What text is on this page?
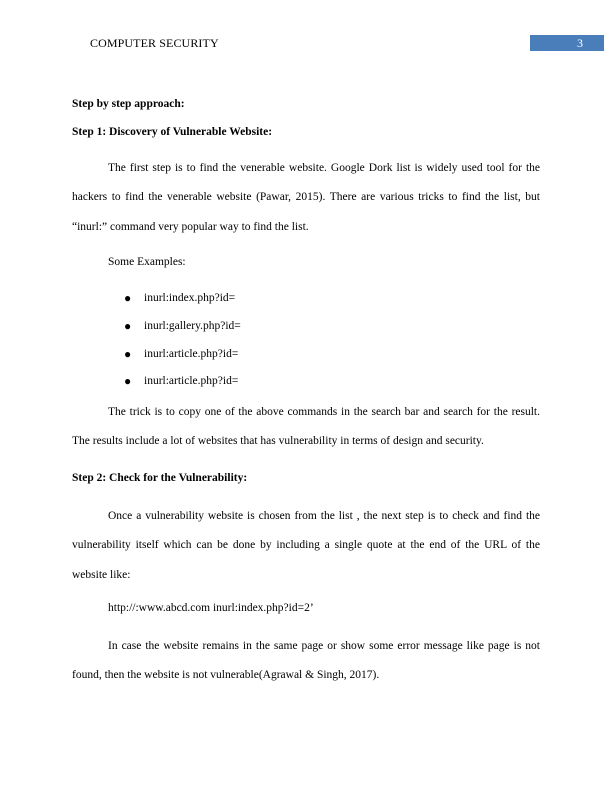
COMPUTER SECURITY	3
Step by step approach:
Step 1: Discovery of Vulnerable Website:
The first step is to find the venerable website. Google Dork list is widely used tool for the hackers to find the venerable website (Pawar, 2015). There are various tricks to find the list, but “inurl:” command very popular way to find the list.
Some Examples:
● inurl:index.php?id=
● inurl:gallery.php?id=
● inurl:article.php?id=
● inurl:article.php?id=
The trick is to copy one of the above commands in the search bar and search for the result. The results include a lot of websites that has vulnerability in terms of design and security.
Step 2: Check for the Vulnerability:
Once a vulnerability website is chosen from the list , the next step is to check and find the vulnerability itself which can be done by including a single quote at the end of the URL of the website like:
http://:www.abcd.com inurl:index.php?id=2’
In case the website remains in the same page or show some error message like page is not found, then the website is not vulnerable(Agrawal & Singh, 2017).
